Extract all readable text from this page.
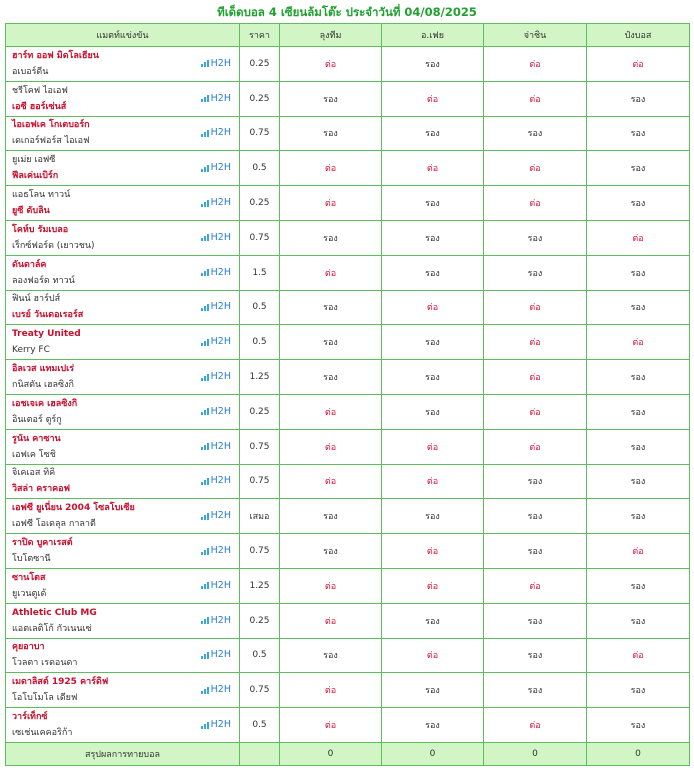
ทีเด็ดบอล 4 เซียนล้มโต๊ะ ประจำวันที่ 04/08/2025
แมตท์แข่งขัน	ราคา	ลุงทีม	อ.เฟย	จ่าชิน	ป๋งบอส

ฮาร์ท ออฟ มิดโลเธียน
อเบอร์ดีน
H2H	0.25	ต่อ	รอง	ต่อ	ต่อ

ชรีโคฟ ไอเอฟ
เอซี ฮอร์เซ่นส์
H2H	0.25	รอง	ต่อ	ต่อ	รอง

ไอเอฟเค โกเตบอร์ก
เดเกอร์ฟอร์ส ไอเอฟ
H2H	0.75	รอง	รอง	รอง	รอง

ยูเม่ย เอฟซี
ฟีลเค่นเบิร์ก
H2H	0.5	ต่อ	ต่อ	ต่อ	รอง

แอธโลน ทาวน์
ยูซี ดับลิน
H2H	0.25	ต่อ	รอง	ต่อ	รอง

โคห์บ รัมเบลอ
เร็กซ์ฟอร์ด (เยาวชน)
H2H	0.75	รอง	รอง	รอง	ต่อ

ดันดาล์ค
ลองฟอร์ด ทาวน์
H2H	1.5	ต่อ	รอง	รอง	รอง

ฟินน์ ฮาร์ปส์
เบรย์ วันเดอเรอร์ส
H2H	0.5	รอง	ต่อ	ต่อ	รอง

Treaty United
Kerry FC
H2H	0.5	รอง	รอง	ต่อ	ต่อ

อิลเวส แทมเปเร่
กนิสตัน เฮลซิงกิ
H2H	1.25	รอง	รอง	ต่อ	รอง

เอชเจเค เฮลซิงกิ
อินเตอร์ ตูร์กู
H2H	0.25	ต่อ	รอง	ต่อ	รอง

รูนัน คาซาน
เอฟเค โซชิ
H2H	0.75	ต่อ	ต่อ	ต่อ	รอง

จิเคเอส ทิคิ
วิสล่า คราคอฟ
H2H	0.75	ต่อ	ต่อ	รอง	รอง

เอฟซี ยูเนี่ยน 2004 โซลโบเซีย
เอฟซี โอเดลุล กาลาตี
H2H	เสมอ	รอง	รอง	รอง	รอง

ราปิด บูคาเรสต์
โบโตซานี
H2H	0.75	รอง	ต่อ	รอง	ต่อ

ซานโตส
ยูเวนตูเด้
H2H	1.25	ต่อ	ต่อ	ต่อ	รอง

Athletic Club MG
แอตเลติโก้ กัวเนนเซ่
H2H	0.25	ต่อ	รอง	รอง	รอง

คุยอาบา
โวลตา เรดอนดา
H2H	0.5	รอง	ต่อ	รอง	ต่อ

เมดาลิสต์ 1925 คาร์ดิฟ
โอโบโมโล เดียฟ
H2H	0.75	ต่อ	รอง	รอง	รอง

วาร์เท็กซ์
เซเช่นเคคอริก้า
H2H	0.5	ต่อ	รอง	ต่อ	รอง
สรุปผลการทายบอล		0	0	0	0
